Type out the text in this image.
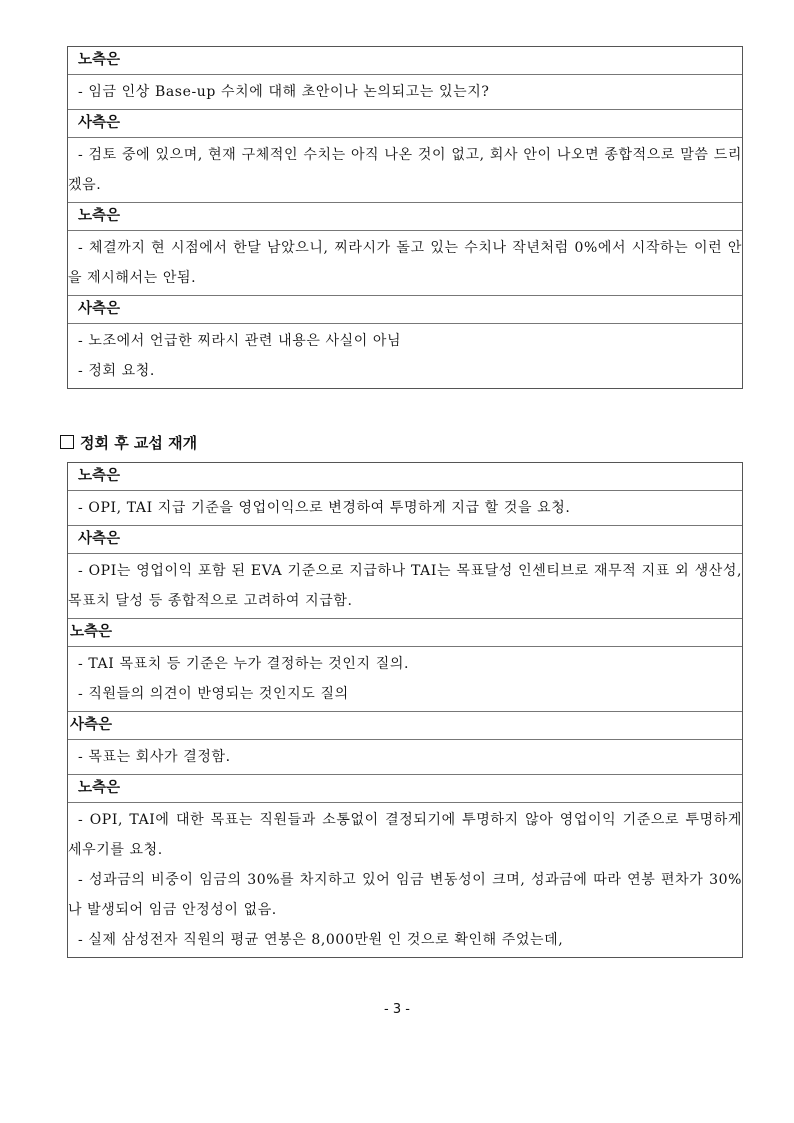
노측은
- 임금 인상 Base-up 수치에 대해 초안이나 논의되고는 있는지?
사측은
- 검토 중에 있으며, 현재 구체적인 수치는 아직 나온 것이 없고, 회사 안이 나오면 종합적으로 말씀 드리겠음.
노측은
- 체결까지 현 시점에서 한달 남았으니, 찌라시가 돌고 있는 수치나 작년처럼 0%에서 시작하는 이런 안을 제시해서는 안됨.
사측은
- 노조에서 언급한 찌라시 관련 내용은 사실이 아님
- 정회 요청.
정회 후 교섭 재개
노측은
- OPI, TAI 지급 기준을 영업이익으로 변경하여 투명하게 지급 할 것을 요청.
사측은
- OPI는 영업이익 포함 된 EVA 기준으로 지급하나 TAI는 목표달성 인센티브로 재무적 지표 외 생산성, 목표치 달성 등 종합적으로 고려하여 지급함.
노측은
- TAI 목표치 등 기준은 누가 결정하는 것인지 질의.
- 직원들의 의견이 반영되는 것인지도 질의
사측은
- 목표는 회사가 결정함.
노측은
- OPI, TAI에 대한 목표는 직원들과 소통없이 결정되기에 투명하지 않아 영업이익 기준으로 투명하게 세우기를 요청.
- 성과금의 비중이 임금의 30%를 차지하고 있어 임금 변동성이 크며, 성과금에 따라 연봉 편차가 30%나 발생되어 임금 안정성이 없음.
- 실제 삼성전자 직원의 평균 연봉은 8,000만원 인 것으로 확인해 주었는데,
- 3 -
